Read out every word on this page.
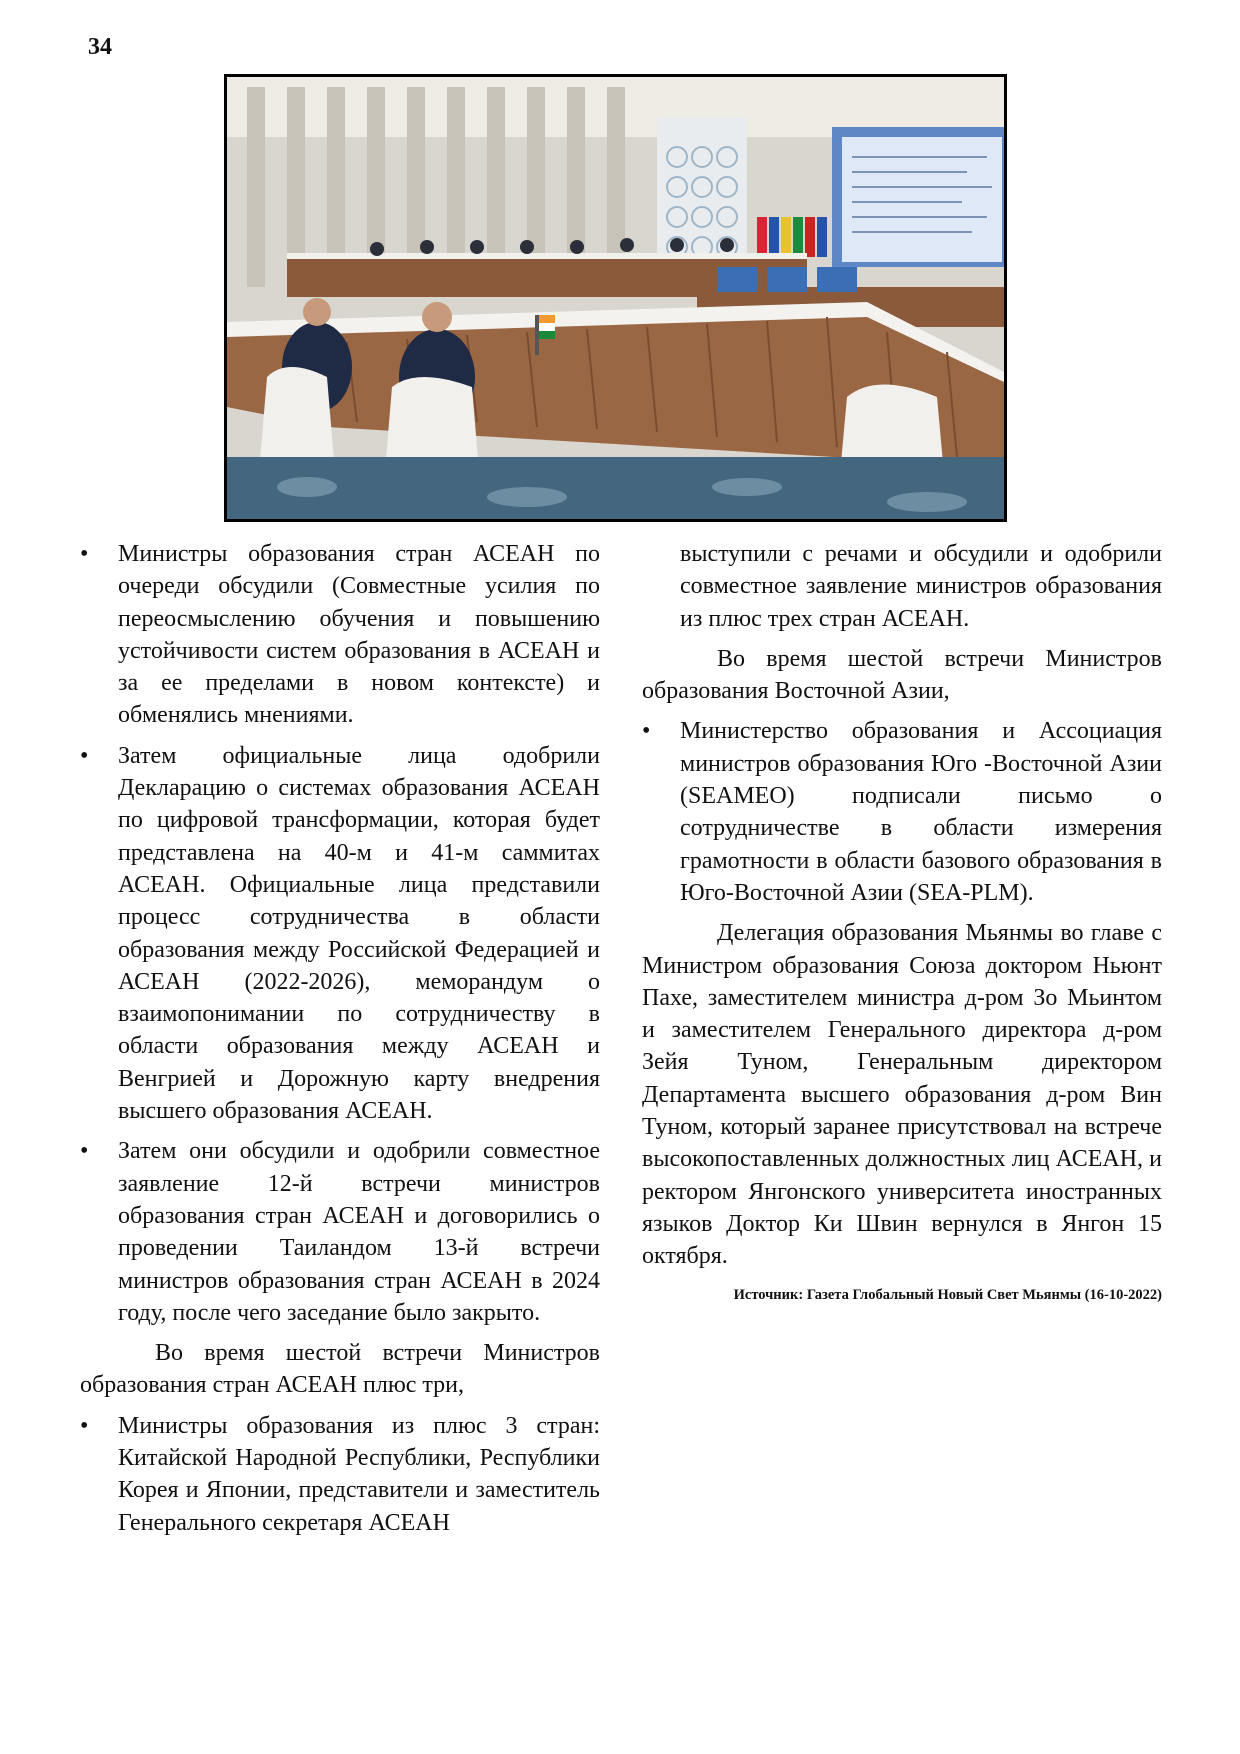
34
• Министры образования стран АСЕАН по очереди обсудили (Совместные усилия по переосмыслению обучения и повышению устойчивости систем образования в АСЕАН и за ее пределами в новом контексте) и обменялись мнениями.
• Затем официальные лица одобрили Декларацию о системах образования АСЕАН по цифровой трансформации, которая будет представлена на 40-м и 41-м саммитах АСЕАН. Официальные лица представили процесс сотрудничества в области образования между Российской Федерацией и АСЕАН (2022-2026), меморандум о взаимопонимании по сотрудничеству в области образования между АСЕАН и Венгрией и Дорожную карту внедрения высшего образования АСЕАН.
• Затем они обсудили и одобрили совместное заявление 12-й встречи министров образования стран АСЕАН и договорились о проведении Таиландом 13-й встречи министров образования стран АСЕАН в 2024 году, после чего заседание было закрыто.

Во время шестой встречи Министров образования стран АСЕАН плюс три,

• Министры образования из плюс 3 стран: Китайской Народной Республики, Республики Корея и Японии, представители и заместитель Генерального секретаря АСЕАН
выступили с речами и обсудили и одобрили совместное заявление министров образования из плюс трех стран АСЕАН.

Во время шестой встречи Министров образования Восточной Азии,

• Министерство образования и Ассоциация министров образования Юго -Восточной Азии (SEAMEO) подписали письмо о сотрудничестве в области измерения грамотности в области базового образования в Юго-Восточной Азии (SEA-PLM).

Делегация образования Мьянмы во главе с Министром образования Союза доктором Ньюнт Пахе, заместителем министра д-ром Зо Мьинтом и заместителем Генерального директора д-ром Зейя Туном, Генеральным директором Департамента высшего образования д-ром Вин Туном, который заранее присутствовал на встрече высокопоставленных должностных лиц АСЕАН, и ректором Янгонского университета иностранных языков Доктор Ки Швин вернулся в Янгон 15 октября.

Источник: Газета Глобальный Новый Свет Мьянмы (16-10-2022)
